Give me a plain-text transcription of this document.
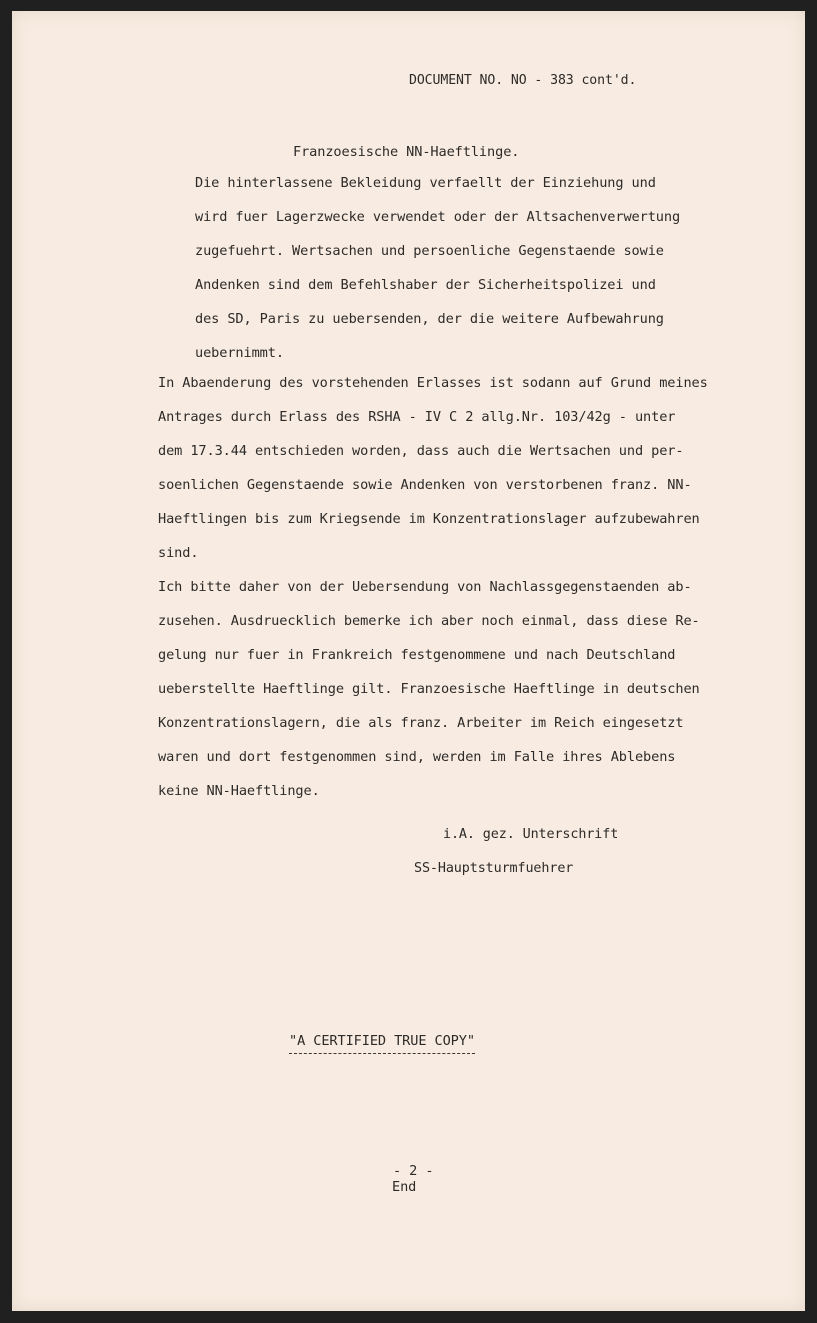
DOCUMENT NO. NO - 383 cont'd.

Franzoesische NN-Haeftlinge.

Die hinterlassene Bekleidung verfaellt der Einziehung und

wird fuer Lagerzwecke verwendet oder der Altsachenverwertung

zugefuehrt. Wertsachen und persoenliche Gegenstaende sowie

Andenken sind dem Befehlshaber der Sicherheitspolizei und

des SD, Paris zu uebersenden, der die weitere Aufbewahrung

uebernimmt.

In Abaenderung des vorstehenden Erlasses ist sodann auf Grund meines

Antrages durch Erlass des RSHA - IV C 2 allg.Nr. 103/42g - unter

dem 17.3.44 entschieden worden, dass auch die Wertsachen und per-

soenlichen Gegenstaende sowie Andenken von verstorbenen franz. NN-

Haeftlingen bis zum Kriegsende im Konzentrationslager aufzubewahren

sind.

Ich bitte daher von der Uebersendung von Nachlassgegenstaenden ab-

zusehen. Ausdruecklich bemerke ich aber noch einmal, dass diese Re-

gelung nur fuer in Frankreich festgenommene und nach Deutschland

ueberstellte Haeftlinge gilt. Franzoesische Haeftlinge in deutschen

Konzentrationslagern, die als franz. Arbeiter im Reich eingesetzt

waren und dort festgenommen sind, werden im Falle ihres Ablebens

keine NN-Haeftlinge.

i.A. gez. Unterschrift

SS-Hauptsturmfuehrer

"A CERTIFIED TRUE COPY"

- 2 -

End
